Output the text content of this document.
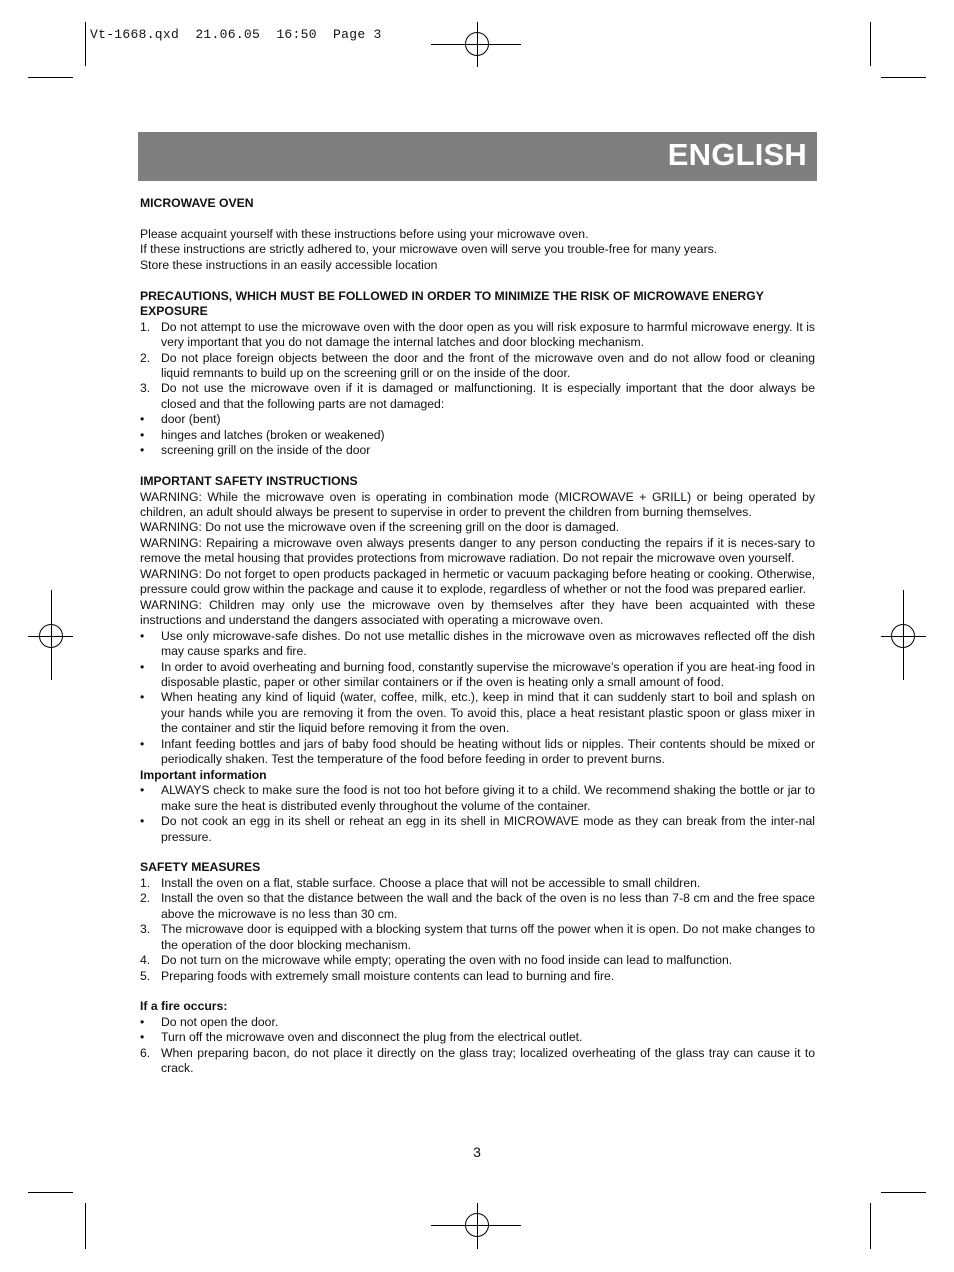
Vt-1668.qxd  21.06.05  16:50  Page 3
ENGLISH
MICROWAVE OVEN

Please acquaint yourself with these instructions before using your microwave oven.

If these instructions are strictly adhered to, your microwave oven will serve you trouble-free for many years.

Store these instructions in an easily accessible location

PRECAUTIONS, WHICH MUST BE FOLLOWED IN ORDER TO MINIMIZE THE RISK OF MICROWAVE ENERGY EXPOSURE
1. Do not attempt to use the microwave oven with the door open as you will risk exposure to harmful microwave energy. It is very important that you do not damage the internal latches and door blocking mechanism.
2. Do not place foreign objects between the door and the front of the microwave oven and do not allow food or cleaning liquid remnants to build up on the screening grill or on the inside of the door.
3. Do not use the microwave oven if it is damaged or malfunctioning. It is especially important that the door always be closed and that the following parts are not damaged:
•	door (bent)
•	hinges and latches (broken or weakened)
•	screening grill on the inside of the door
IMPORTANT SAFETY INSTRUCTIONS

WARNING: While the microwave oven is operating in combination mode (MICROWAVE + GRILL) or being operated by children, an adult should always be present to supervise in order to prevent the children from burning themselves.

WARNING: Do not use the microwave oven if the screening grill on the door is damaged.

WARNING: Repairing a microwave oven always presents danger to any person conducting the repairs if it is neces-sary to remove the metal housing that provides protections from microwave radiation. Do not repair the microwave oven yourself.

WARNING: Do not forget to open products packaged in hermetic or vacuum packaging before heating or cooking. Otherwise, pressure could grow within the package and cause it to explode, regardless of whether or not the food was prepared earlier.

WARNING: Children may only use the microwave oven by themselves after they have been acquainted with these instructions and understand the dangers associated with operating a microwave oven.

•	Use only microwave-safe dishes. Do not use metallic dishes in the microwave oven as microwaves reflected off the dish may cause sparks and fire.
•	In order to avoid overheating and burning food, constantly supervise the microwave’s operation if you are heat-ing food in disposable plastic, paper or other similar containers or if the oven is heating only a small amount of food.
•	When heating any kind of liquid (water, coffee, milk, etc.), keep in mind that it can suddenly start to boil and splash on your hands while you are removing it from the oven. To avoid this, place a heat resistant plastic spoon or glass mixer in the container and stir the liquid before removing it from the oven.
•	Infant feeding bottles and jars of baby food should be heating without lids or nipples. Their contents should be mixed or periodically shaken. Test the temperature of the food before feeding in order to prevent burns.
Important information
•	ALWAYS check to make sure the food is not too hot before giving it to a child. We recommend shaking the bottle or jar to make sure the heat is distributed evenly throughout the volume of the container.
•	Do not cook an egg in its shell or reheat an egg in its shell in MICROWAVE mode as they can break from the inter-nal pressure.
SAFETY MEASURES
1. Install the oven on a flat, stable surface. Choose a place that will not be accessible to small children.
2. Install the oven so that the distance between the wall and the back of the oven is no less than 7-8 cm and the free space above the microwave is no less than 30 cm.
3. The microwave door is equipped with a blocking system that turns off the power when it is open. Do not make changes to the operation of the door blocking mechanism.
4. Do not turn on the microwave while empty; operating the oven with no food inside can lead to malfunction.
5. Preparing foods with extremely small moisture contents can lead to burning and fire.
If a fire occurs:
•	Do not open the door.
•	Turn off the microwave oven and disconnect the plug from the electrical outlet.
6. When preparing bacon, do not place it directly on the glass tray; localized overheating of the glass tray can cause it to crack.
3
